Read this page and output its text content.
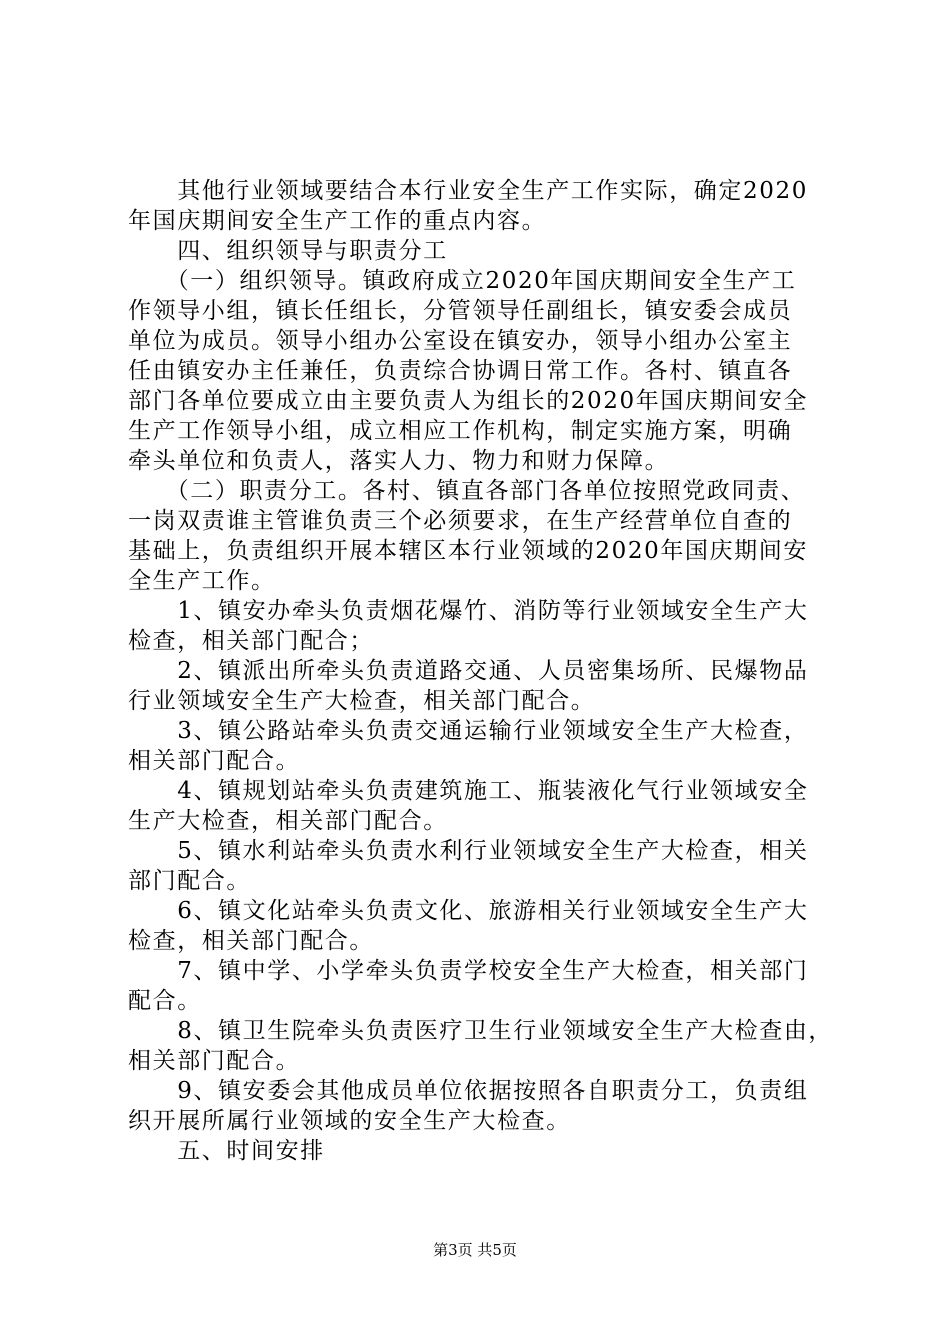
　　其他行业领域要结合本行业安全生产工作实际，确定2020
年国庆期间安全生产工作的重点内容。
　　四、组织领导与职责分工
　　（一）组织领导。镇政府成立2020年国庆期间安全生产工
作领导小组，镇长任组长，分管领导任副组长，镇安委会成员
单位为成员。领导小组办公室设在镇安办，领导小组办公室主
任由镇安办主任兼任，负责综合协调日常工作。各村、镇直各
部门各单位要成立由主要负责人为组长的2020年国庆期间安全
生产工作领导小组，成立相应工作机构，制定实施方案，明确
牵头单位和负责人，落实人力、物力和财力保障。
　　（二）职责分工。各村、镇直各部门各单位按照党政同责、
一岗双责谁主管谁负责三个必须要求，在生产经营单位自查的
基础上，负责组织开展本辖区本行业领域的2020年国庆期间安
全生产工作。
　　1、镇安办牵头负责烟花爆竹、消防等行业领域安全生产大
检查，相关部门配合；
　　2、镇派出所牵头负责道路交通、人员密集场所、民爆物品
行业领域安全生产大检查，相关部门配合。
　　3、镇公路站牵头负责交通运输行业领域安全生产大检查，
相关部门配合。
　　4、镇规划站牵头负责建筑施工、瓶装液化气行业领域安全
生产大检查，相关部门配合。
　　5、镇水利站牵头负责水利行业领域安全生产大检查，相关
部门配合。
　　6、镇文化站牵头负责文化、旅游相关行业领域安全生产大
检查，相关部门配合。
　　7、镇中学、小学牵头负责学校安全生产大检查，相关部门
配合。
　　8、镇卫生院牵头负责医疗卫生行业领域安全生产大检查由，
相关部门配合。
　　9、镇安委会其他成员单位依据按照各自职责分工，负责组
织开展所属行业领域的安全生产大检查。
　　五、时间安排
第3页 共5页
